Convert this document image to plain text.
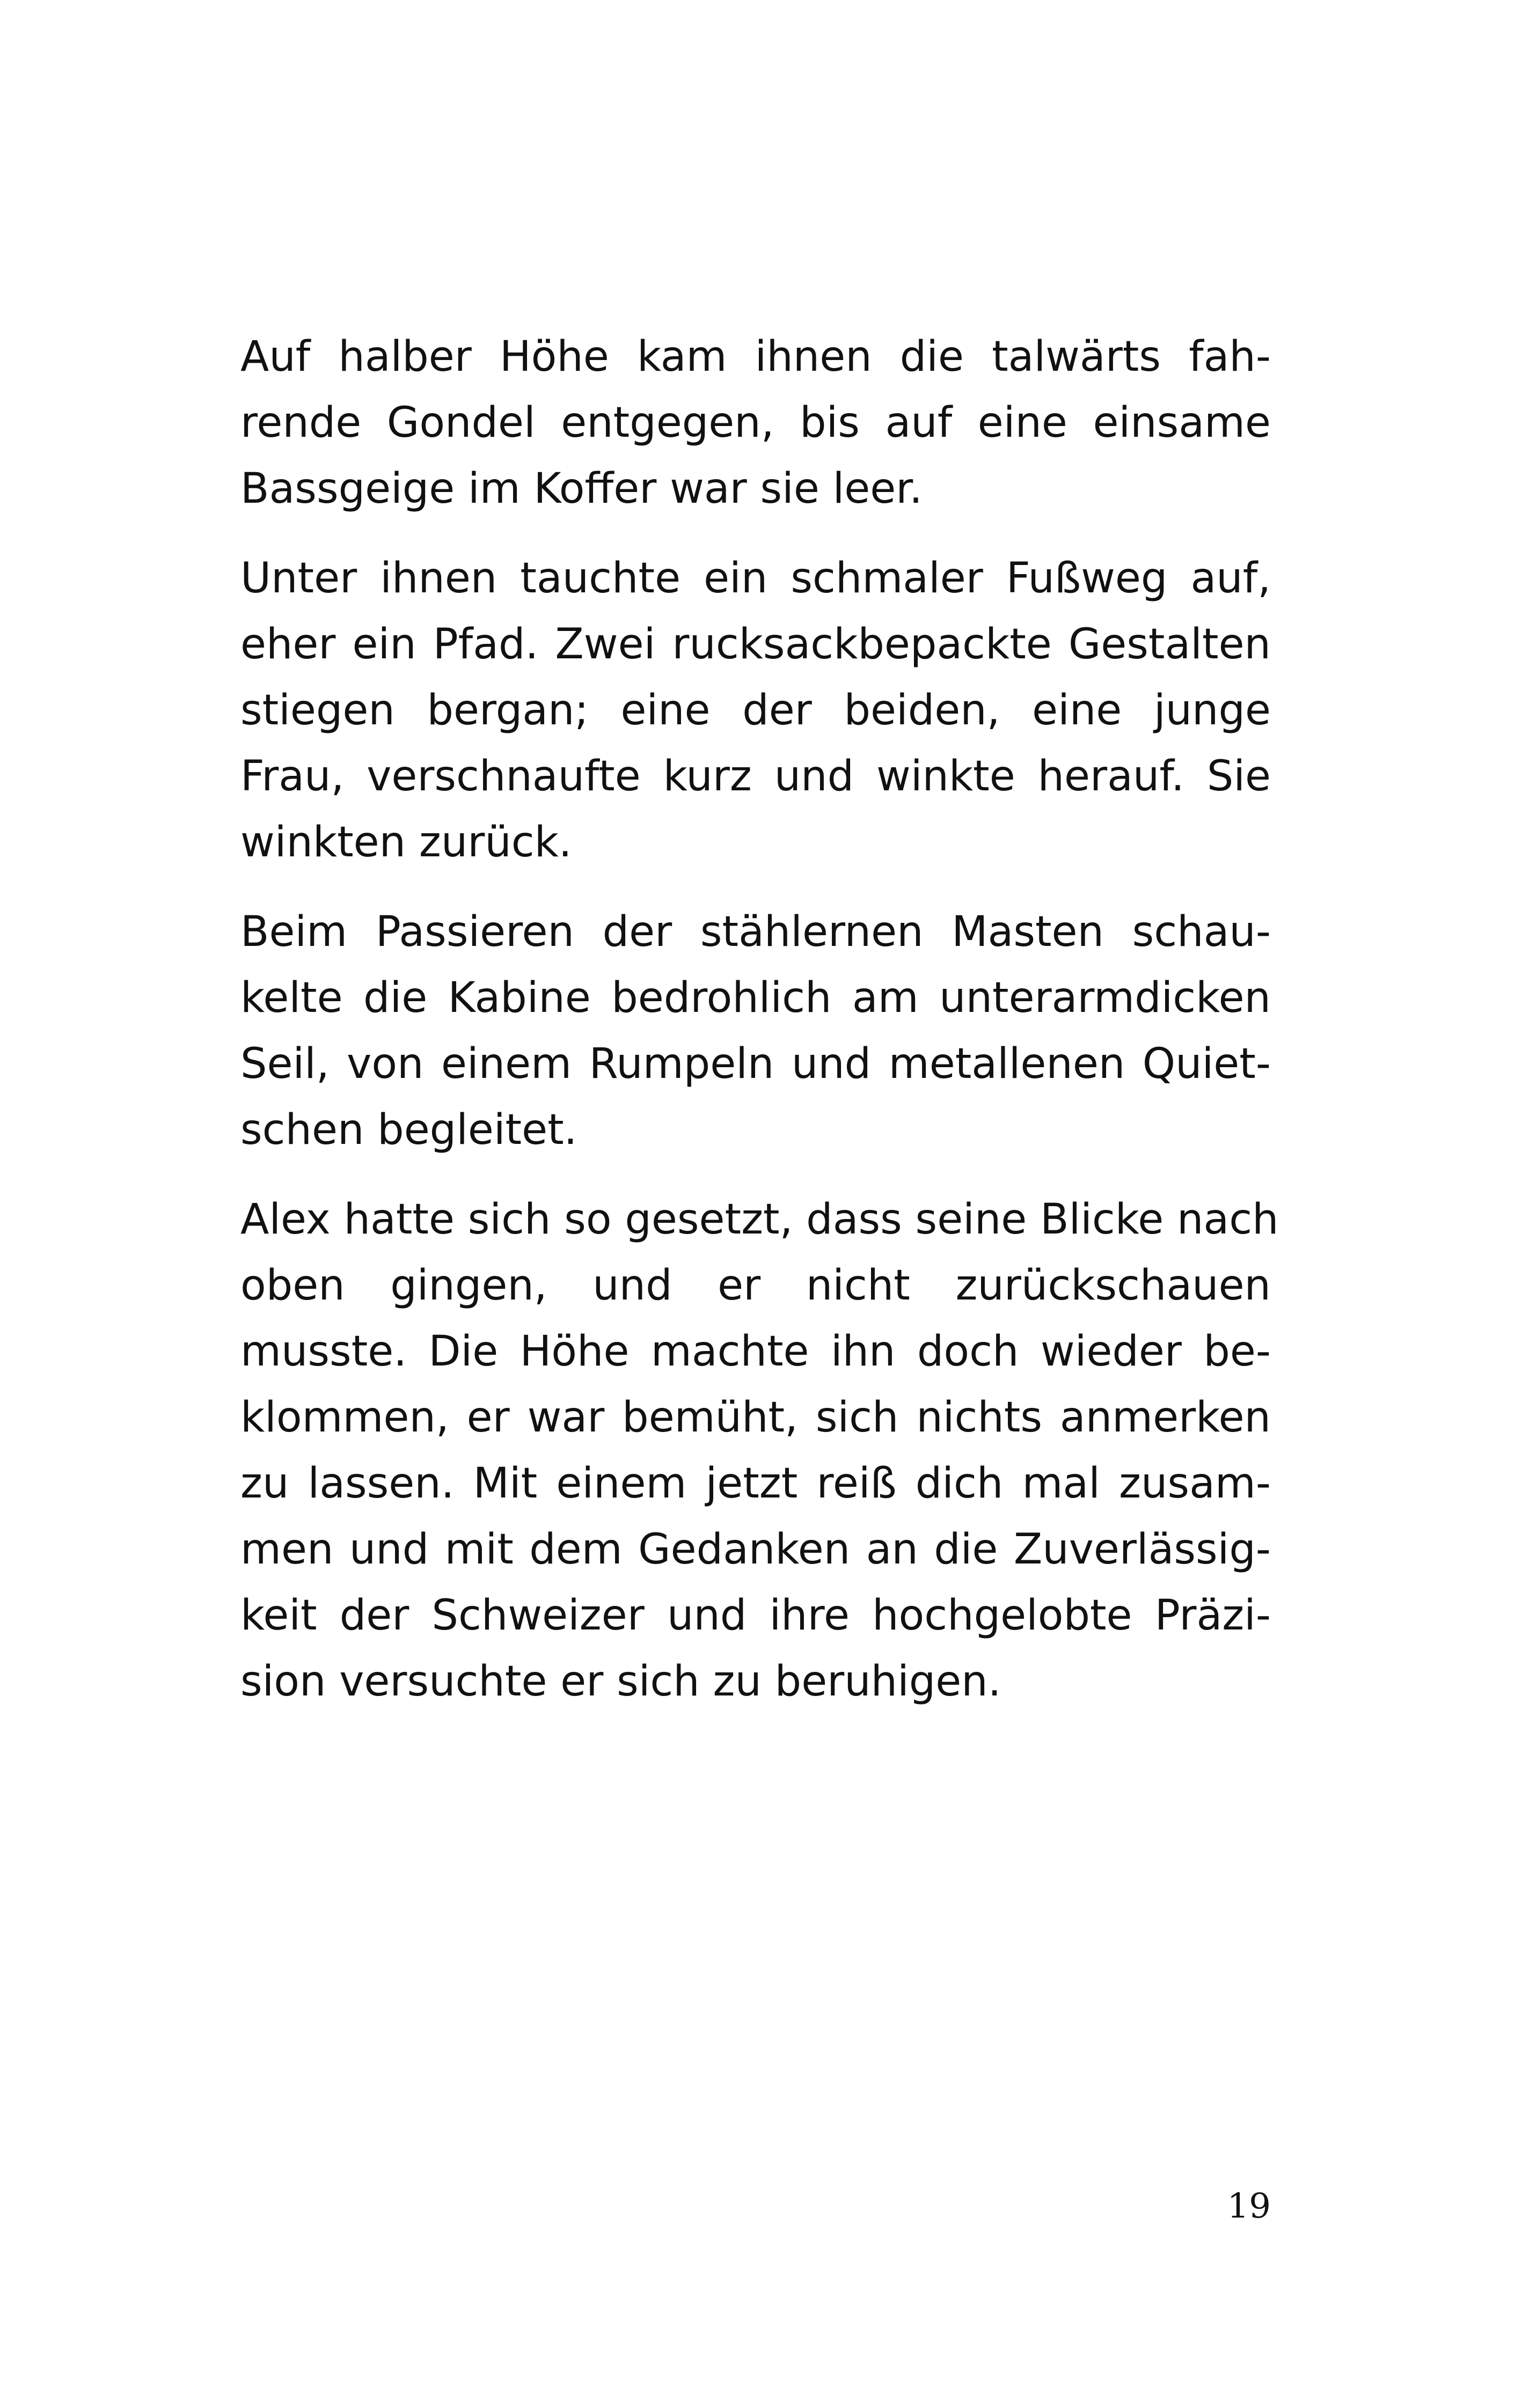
Auf halber Höhe kam ihnen die talwärts fah-
rende Gondel entgegen, bis auf eine einsame
Bassgeige im Koffer war sie leer.

Unter ihnen tauchte ein schmaler Fußweg auf,
eher ein Pfad. Zwei rucksackbepackte Gestalten
stiegen bergan; eine der beiden, eine junge
Frau, verschnaufte kurz und winkte herauf. Sie
winkten zurück.

Beim Passieren der stählernen Masten schau-
kelte die Kabine bedrohlich am unterarmdicken
Seil, von einem Rumpeln und metallenen Quiet-
schen begleitet.

Alex hatte sich so gesetzt, dass seine Blicke nach
oben gingen, und er nicht zurückschauen
musste. Die Höhe machte ihn doch wieder be-
klommen, er war bemüht, sich nichts anmerken
zu lassen. Mit einem jetzt reiß dich mal zusam-
men und mit dem Gedanken an die Zuverlässig-
keit der Schweizer und ihre hochgelobte Präzi-
sion versuchte er sich zu beruhigen.

19
